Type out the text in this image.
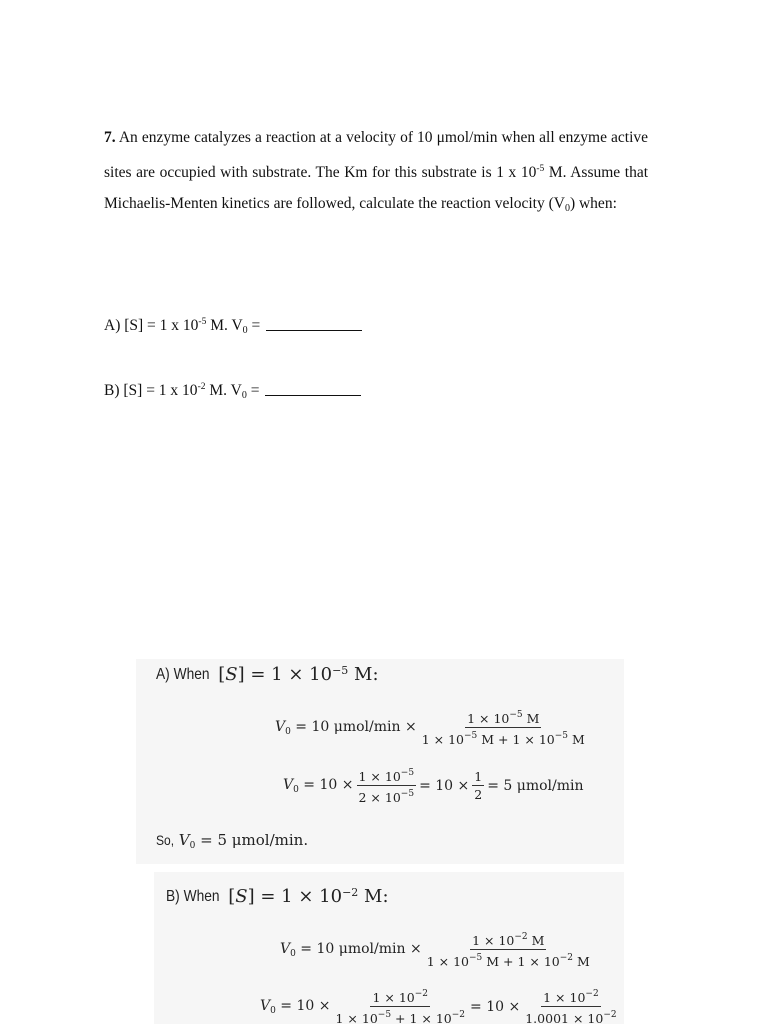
7. An enzyme catalyzes a reaction at a velocity of 10 μmol/min when all enzyme active sites are occupied with substrate. The Km for this substrate is 1 x $10^{-5}$ M. Assume that Michaelis-Menten kinetics are followed, calculate the reaction velocity $(V_0)$ when:

A) [S] = 1 x $10^{-5}$ M. $V_0$ =
B) [S] = 1 x $10^{-2}$ M. $V_0$ =
A) When $[S] = 1 \times 10^{-5}$ M:
$V_0 = 10$ $\mu mol/\min \times \frac{1 \times 10^{-5} M}{1 \times 10^{-5} M + 1 \times 10^{-5} M}$
$V_0 = 10 \times \frac{1 \times 10^{-5}}{2 \times 10^{-5}} = 10 \times \frac{1}{2} = 5$ μmol/min
So, $V_0 = 5$ μmol/min.
B) When $[S] = 1 \times 10^{-2}$ M:
$V_0 = 10$ $\mu mol/\min \times \frac{1 \times 10^{-2} M}{1 \times 10^{-5} M + 1 \times 10^{-2} M}$
$V_0 = 10 \times \frac{1 \times 10^{-2}}{1 \times 10^{-5} + 1 \times 10^{-2}} = 10 \times \frac{1 \times 10^{-2}}{1.0001 \times 10^{-2}}$
